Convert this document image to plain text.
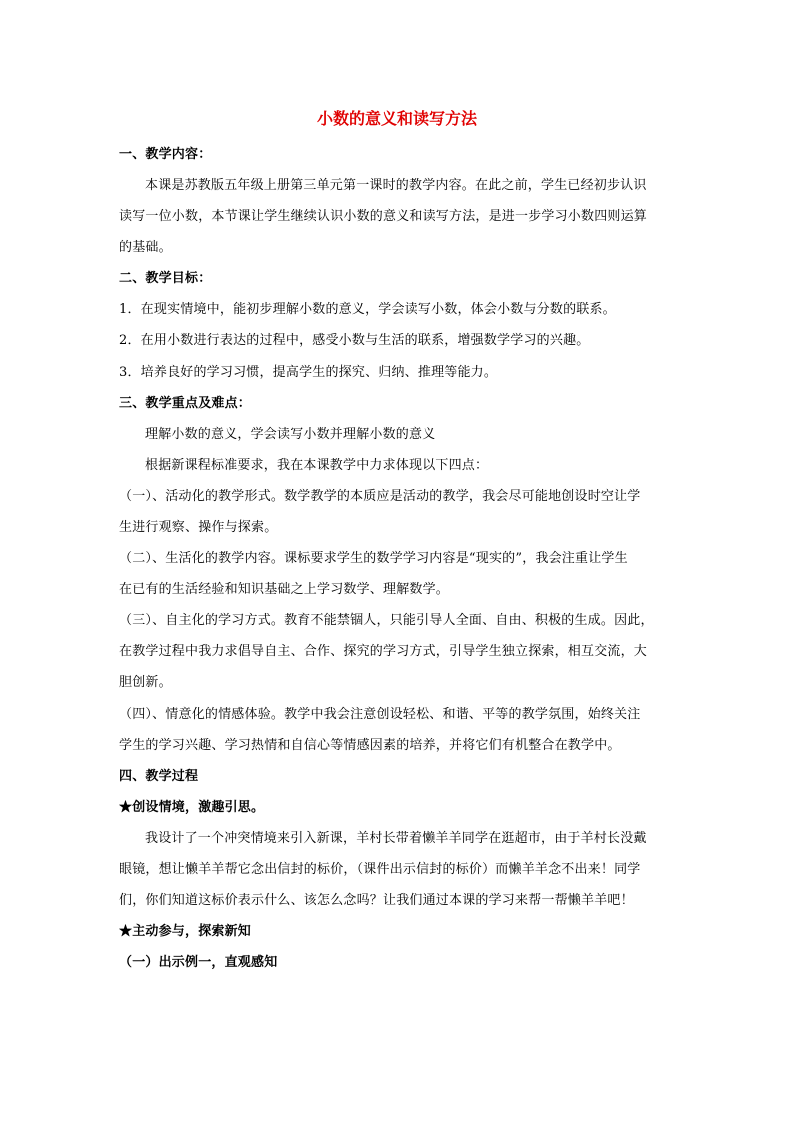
小数的意义和读写方法
一、教学内容：
本课是苏教版五年级上册第三单元第一课时的教学内容。在此之前，学生已经初步认识
读写一位小数，本节课让学生继续认识小数的意义和读写方法，是进一步学习小数四则运算
的基础。
二、教学目标：
1．在现实情境中，能初步理解小数的意义，学会读写小数，体会小数与分数的联系。
2．在用小数进行表达的过程中，感受小数与生活的联系，增强数学学习的兴趣。
3．培养良好的学习习惯，提高学生的探究、归纳、推理等能力。
三、教学重点及难点：
理解小数的意义，学会读写小数并理解小数的意义
根据新课程标准要求，我在本课教学中力求体现以下四点：
（一）、活动化的教学形式。数学教学的本质应是活动的教学，我会尽可能地创设时空让学
生进行观察、操作与探索。
（二）、生活化的教学内容。课标要求学生的数学学习内容是“现实的”，我会注重让学生
在已有的生活经验和知识基础之上学习数学、理解数学。
（三）、自主化的学习方式。教育不能禁锢人，只能引导人全面、自由、积极的生成。因此，
在教学过程中我力求倡导自主、合作、探究的学习方式，引导学生独立探索，相互交流，大
胆创新。
（四）、情意化的情感体验。教学中我会注意创设轻松、和谐、平等的教学氛围，始终关注
学生的学习兴趣、学习热情和自信心等情感因素的培养，并将它们有机整合在教学中。
四、教学过程
★创设情境，激趣引思。
我设计了一个冲突情境来引入新课，羊村长带着懒羊羊同学在逛超市，由于羊村长没戴
眼镜，想让懒羊羊帮它念出信封的标价，（课件出示信封的标价）而懒羊羊念不出来！同学
们，你们知道这标价表示什么、该怎么念吗？让我们通过本课的学习来帮一帮懒羊羊吧！
★主动参与，探索新知
（一）出示例一，直观感知
